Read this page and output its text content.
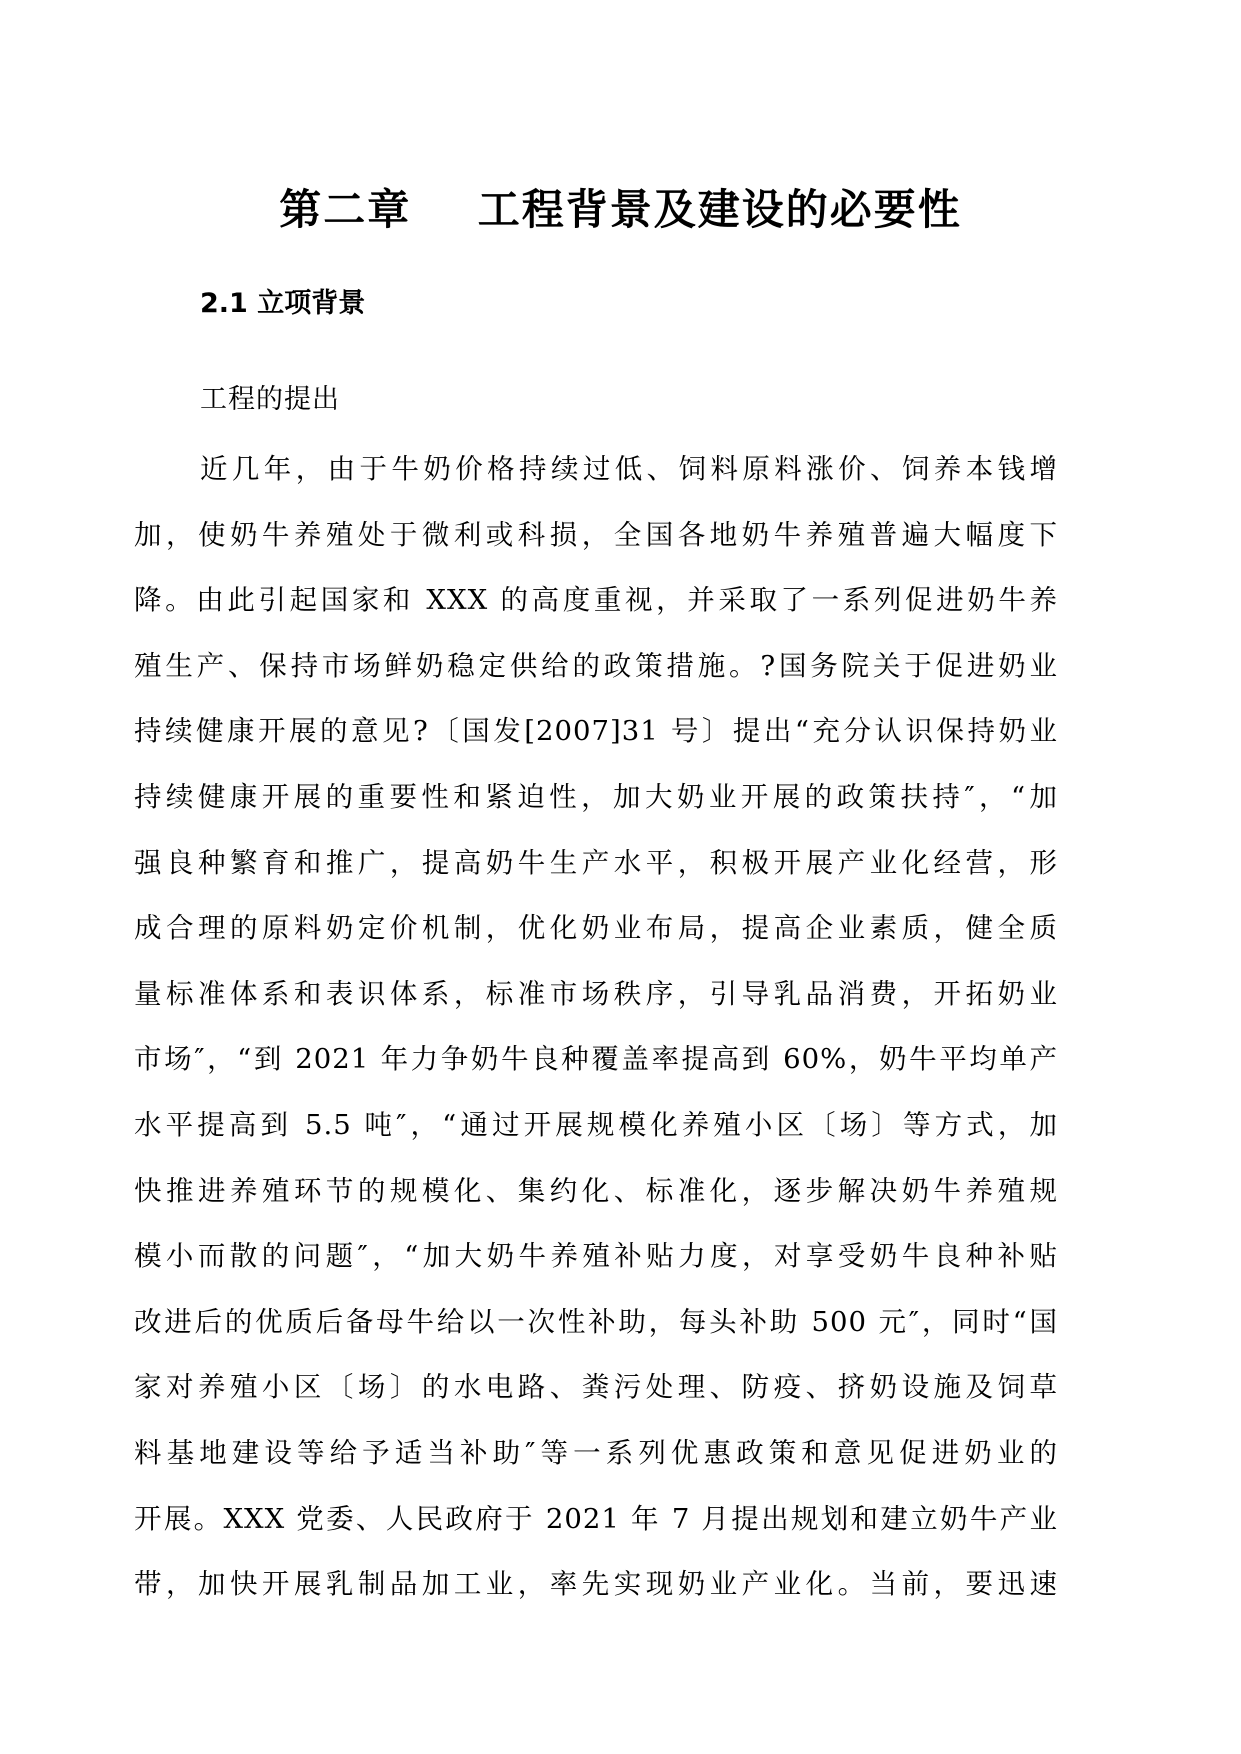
第二章    工程背景及建设的必要性
2.1 立项背景

工程的提出

近几年，由于牛奶价格持续过低、饲料原料涨价、饲养本钱增
加，使奶牛养殖处于微利或科损，全国各地奶牛养殖普遍大幅度下
降。由此引起国家和 XXX 的高度重视，并采取了一系列促进奶牛养
殖生产、保持市场鲜奶稳定供给的政策措施。?国务院关于促进奶业
持续健康开展的意见?〔国发[2007]31 号〕提出“充分认识保持奶业
持续健康开展的重要性和紧迫性，加大奶业开展的政策扶持″，“加
强良种繁育和推广，提高奶牛生产水平，积极开展产业化经营，形
成合理的原料奶定价机制，优化奶业布局，提高企业素质，健全质
量标准体系和表识体系，标准市场秩序，引导乳品消费，开拓奶业
市场″，“到 2021 年力争奶牛良种覆盖率提高到 60%，奶牛平均单产
水平提高到 5.5 吨″，“通过开展规模化养殖小区〔场〕等方式，加
快推进养殖环节的规模化、集约化、标准化，逐步解决奶牛养殖规
模小而散的问题″，“加大奶牛养殖补贴力度，对享受奶牛良种补贴
改进后的优质后备母牛给以一次性补助，每头补助 500 元″，同时“国
家对养殖小区〔场〕的水电路、粪污处理、防疫、挤奶设施及饲草
料基地建设等给予适当补助″等一系列优惠政策和意见促进奶业的
开展。XXX 党委、人民政府于 2021 年 7 月提出规划和建立奶牛产业
带，加快开展乳制品加工业，率先实现奶业产业化。当前，要迅速
